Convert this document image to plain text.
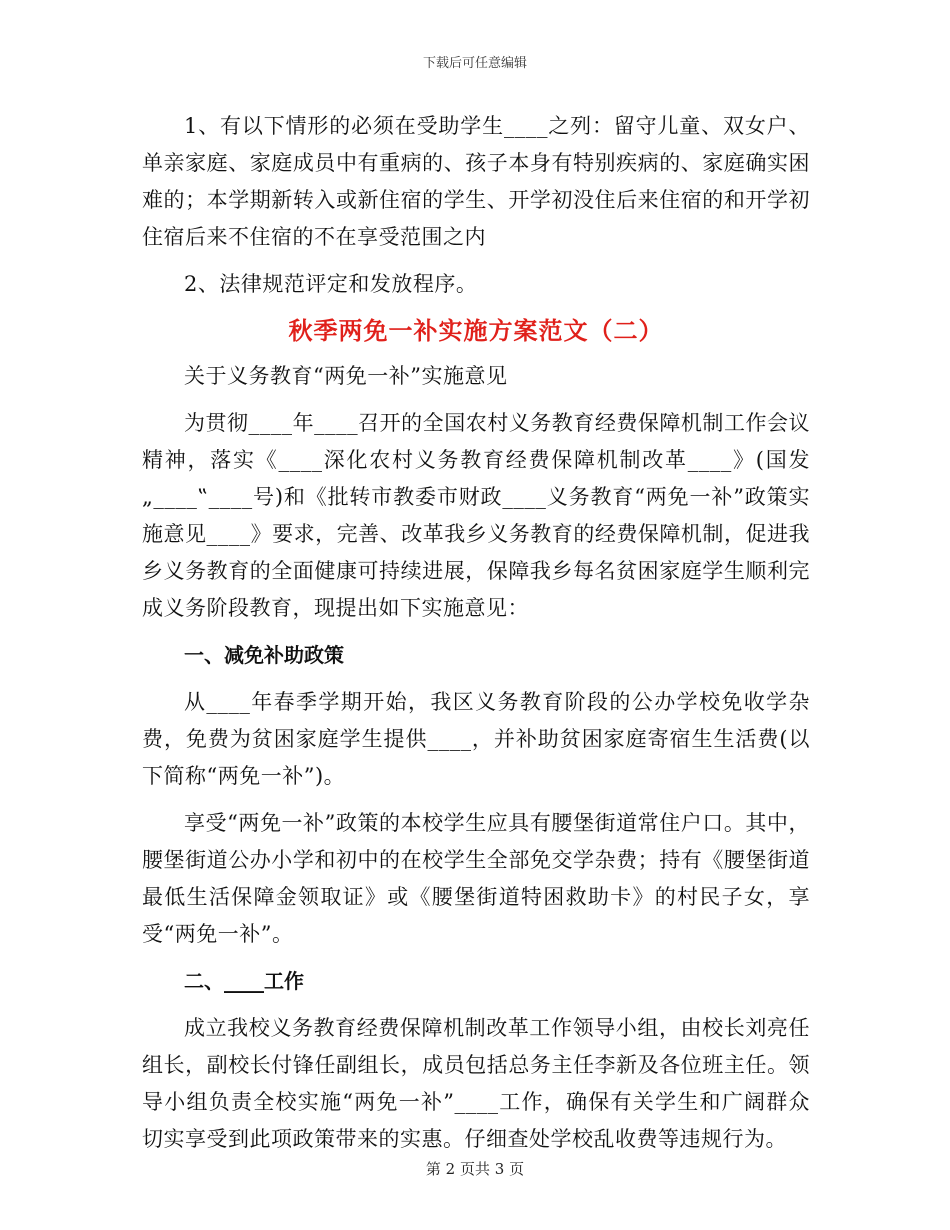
下载后可任意编辑

1、有以下情形的必须在受助学生____之列：留守儿童、双女户、单亲家庭、家庭成员中有重病的、孩子本身有特别疾病的、家庭确实困难的；本学期新转入或新住宿的学生、开学初没住后来住宿的和开学初住宿后来不住宿的不在享受范围之内

2、法律规范评定和发放程序。

秋季两免一补实施方案范文（二）

关于义务教育“两免一补”实施意见

为贯彻____年____召开的全国农村义务教育经费保障机制工作会议精神，落实《____深化农村义务教育经费保障机制改革____》(国发„____‟____号)和《批转市教委市财政____义务教育“两免一补”政策实施意见____》要求，完善、改革我乡义务教育的经费保障机制，促进我乡义务教育的全面健康可持续进展，保障我乡每名贫困家庭学生顺利完成义务阶段教育，现提出如下实施意见：

一、减免补助政策

从____年春季学期开始，我区义务教育阶段的公办学校免收学杂费，免费为贫困家庭学生提供____，并补助贫困家庭寄宿生生活费(以下简称“两免一补”)。

享受“两免一补”政策的本校学生应具有腰堡街道常住户口。其中，腰堡街道公办小学和初中的在校学生全部免交学杂费；持有《腰堡街道最低生活保障金领取证》或《腰堡街道特困救助卡》的村民子女，享受“两免一补”。

二、____工作

成立我校义务教育经费保障机制改革工作领导小组，由校长刘亮任组长，副校长付锋任副组长，成员包括总务主任李新及各位班主任。领导小组负责全校实施“两免一补”____工作，确保有关学生和广阔群众切实享受到此项政策带来的实惠。仔细查处学校乱收费等违规行为。

第 2 页共 3 页
